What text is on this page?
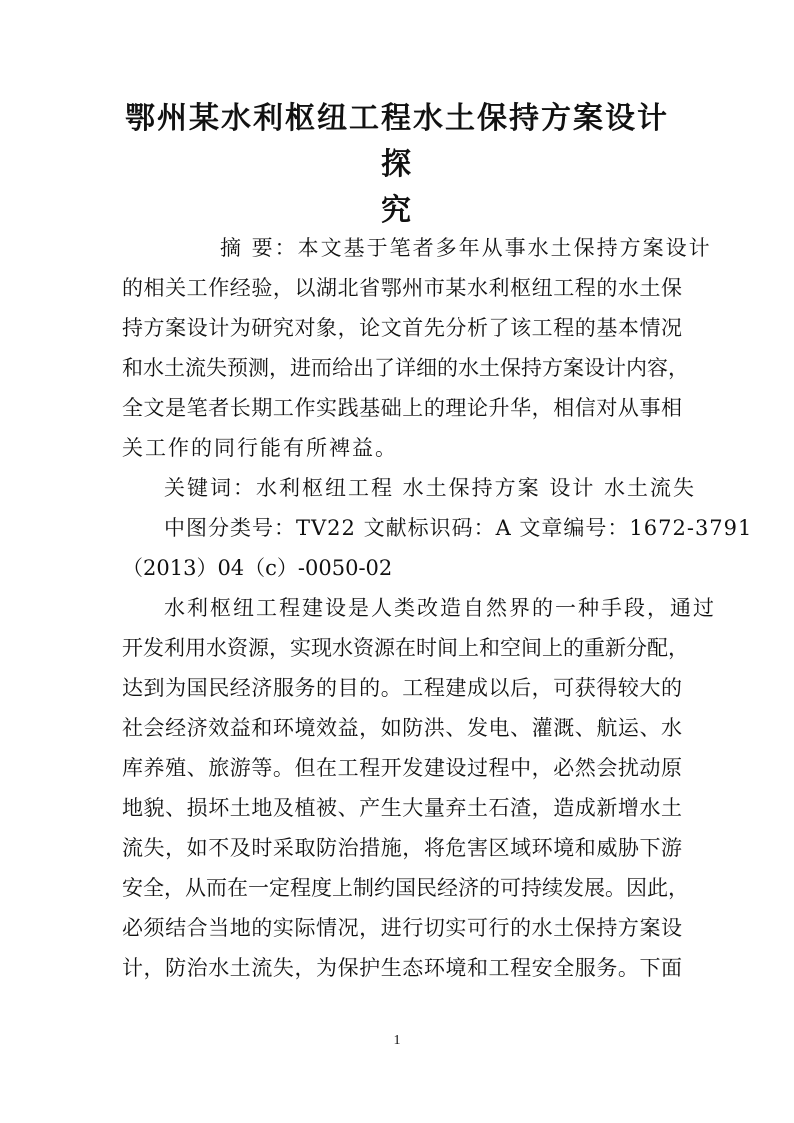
鄂州某水利枢纽工程水土保持方案设计探
究
摘 要：本文基于笔者多年从事水土保持方案设计
的相关工作经验，以湖北省鄂州市某水利枢纽工程的水土保
持方案设计为研究对象，论文首先分析了该工程的基本情况
和水土流失预测，进而给出了详细的水土保持方案设计内容，
全文是笔者长期工作实践基础上的理论升华，相信对从事相
关工作的同行能有所裨益。
关键词：水利枢纽工程 水土保持方案 设计 水土流失
中图分类号：TV22 文献标识码：A 文章编号：1672-3791
（2013）04（c）-0050-02
水利枢纽工程建设是人类改造自然界的一种手段，通过
开发利用水资源，实现水资源在时间上和空间上的重新分配，
达到为国民经济服务的目的。工程建成以后，可获得较大的
社会经济效益和环境效益，如防洪、发电、灌溉、航运、水
库养殖、旅游等。但在工程开发建设过程中，必然会扰动原
地貌、损坏土地及植被、产生大量弃土石渣，造成新增水土
流失，如不及时采取防治措施，将危害区域环境和威胁下游
安全，从而在一定程度上制约国民经济的可持续发展。因此，
必须结合当地的实际情况，进行切实可行的水土保持方案设
计，防治水土流失，为保护生态环境和工程安全服务。下面
1
